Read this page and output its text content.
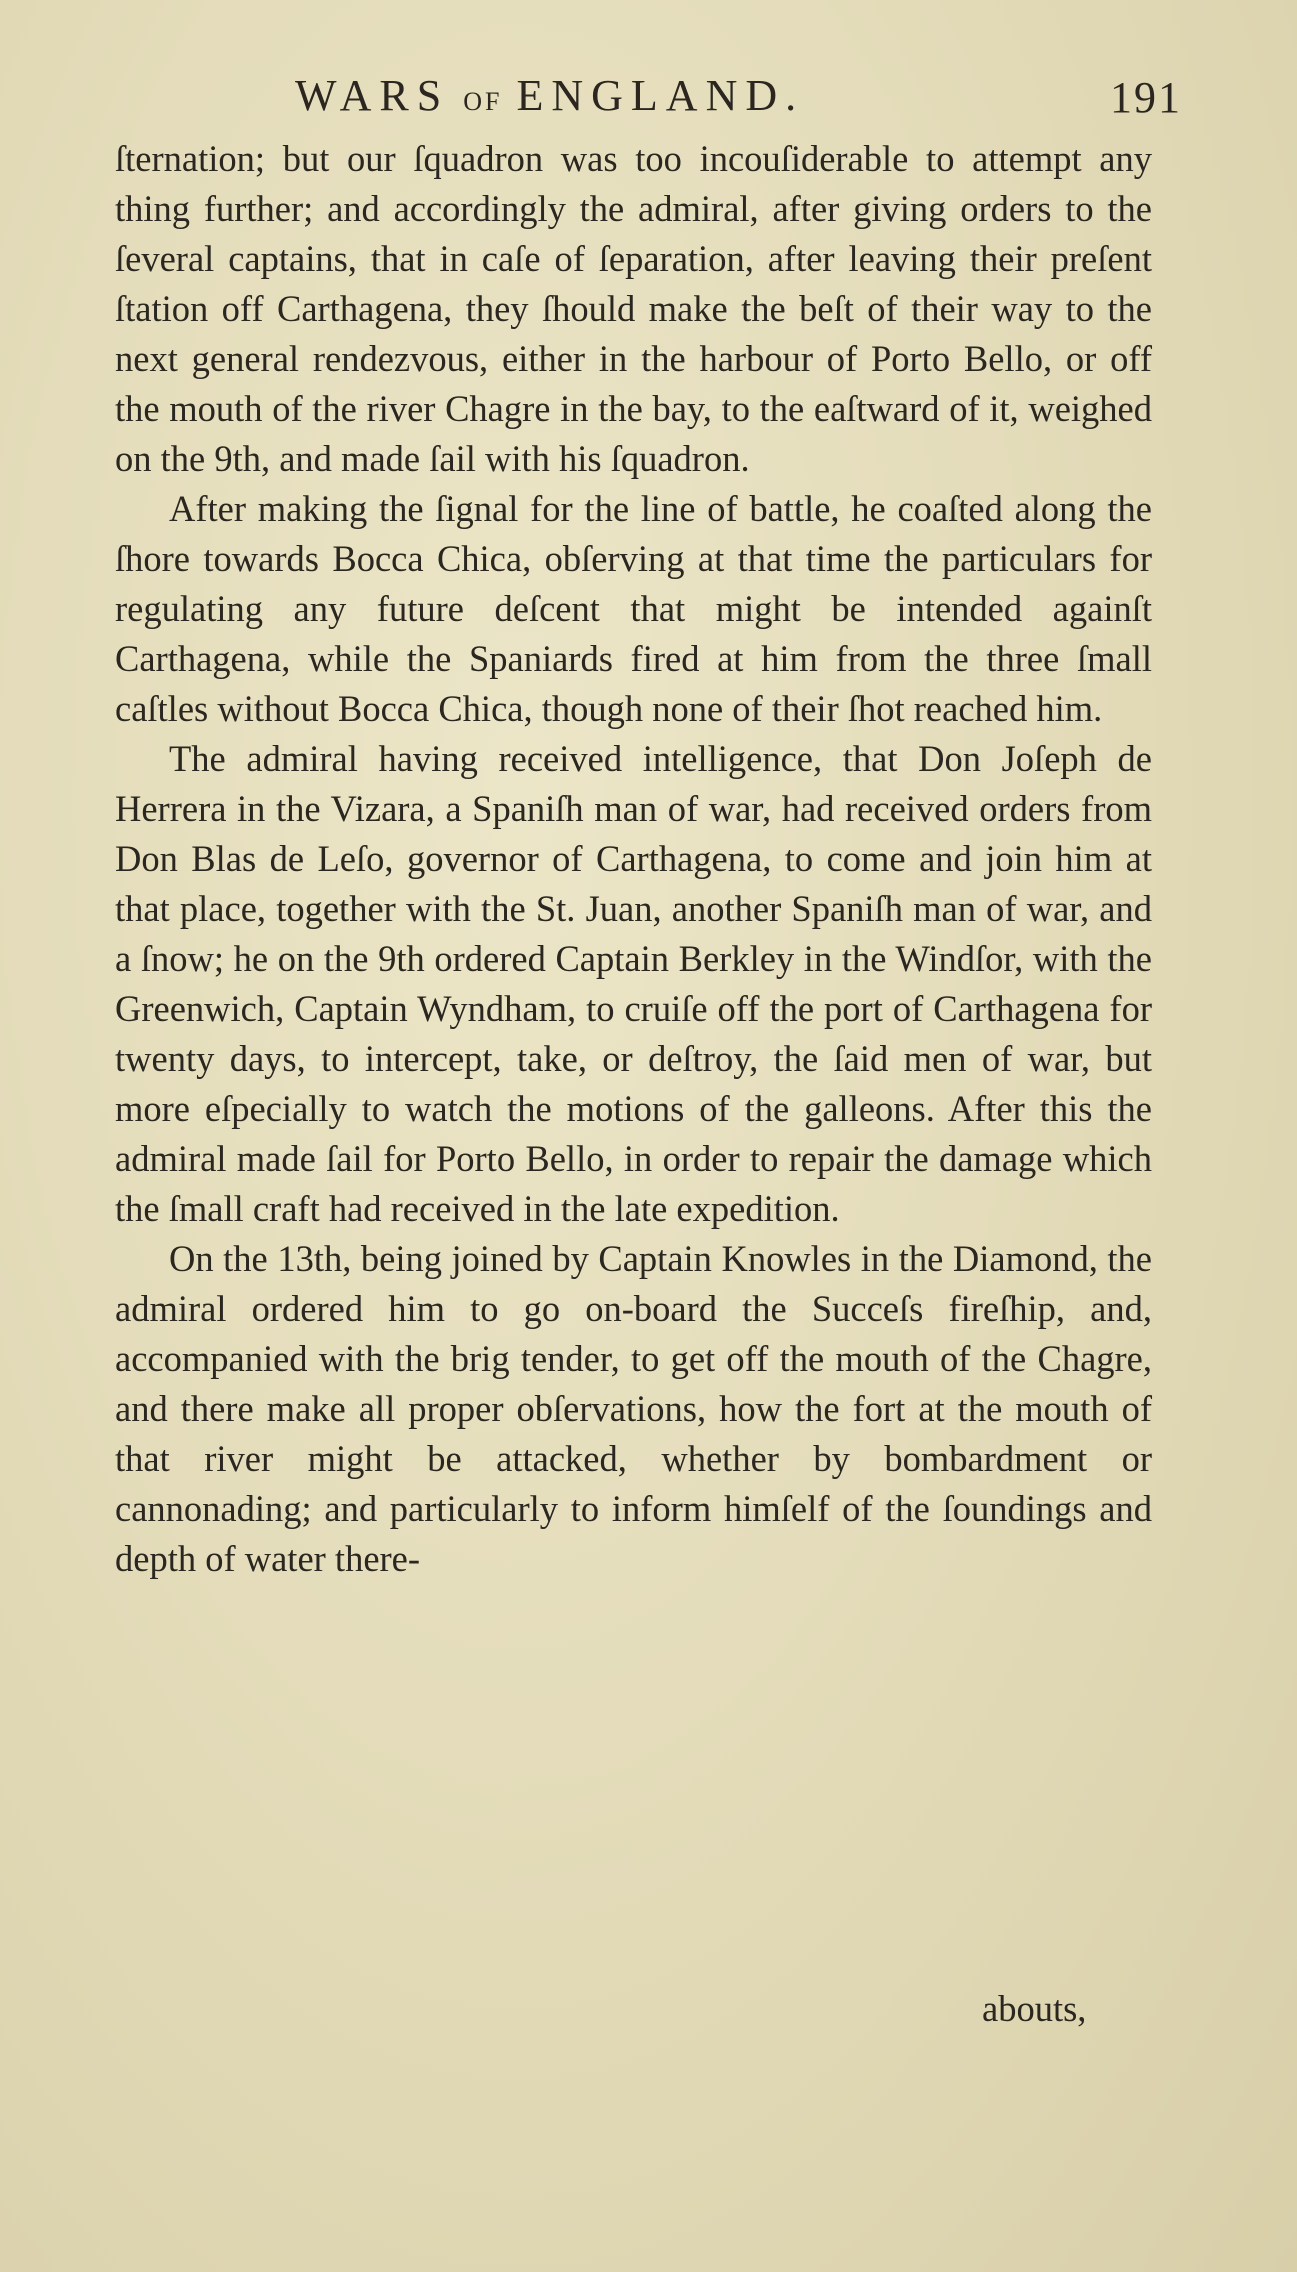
WARS OF ENGLAND.	191

ſternation; but our ſquadron was too incouſiderable to attempt any thing further; and accordingly the admiral, after giving orders to the ſeveral captains, that in caſe of ſeparation, after leaving their preſent ſtation off Carthagena, they ſhould make the beſt of their way to the next general rendezvous, either in the harbour of Porto Bello, or off the mouth of the river Chagre in the bay, to the eaſtward of it, weighed on the 9th, and made ſail with his ſquadron.

After making the ſignal for the line of battle, he coaſted along the ſhore towards Bocca Chica, obſerving at that time the particulars for regulating any future deſcent that might be intended againſt Carthagena, while the Spaniards fired at him from the three ſmall caſtles without Bocca Chica, though none of their ſhot reached him.

The admiral having received intelligence, that Don Joſeph de Herrera in the Vizara, a Spaniſh man of war, had received orders from Don Blas de Leſo, governor of Carthagena, to come and join him at that place, together with the St. Juan, another Spaniſh man of war, and a ſnow; he on the 9th ordered Captain Berkley in the Windſor, with the Greenwich, Captain Wyndham, to cruiſe off the port of Carthagena for twenty days, to intercept, take, or deſtroy, the ſaid men of war, but more eſpecially to watch the motions of the galleons. After this the admiral made ſail for Porto Bello, in order to repair the damage which the ſmall craft had received in the late expedition.

On the 13th, being joined by Captain Knowles in the Diamond, the admiral ordered him to go on-board the Succeſs fireſhip, and, accompanied with the brig tender, to get off the mouth of the Chagre, and there make all proper obſervations, how the fort at the mouth of that river might be attacked, whether by bombardment or cannonading; and particularly to inform himſelf of the ſoundings and depth of water there-

abouts,
